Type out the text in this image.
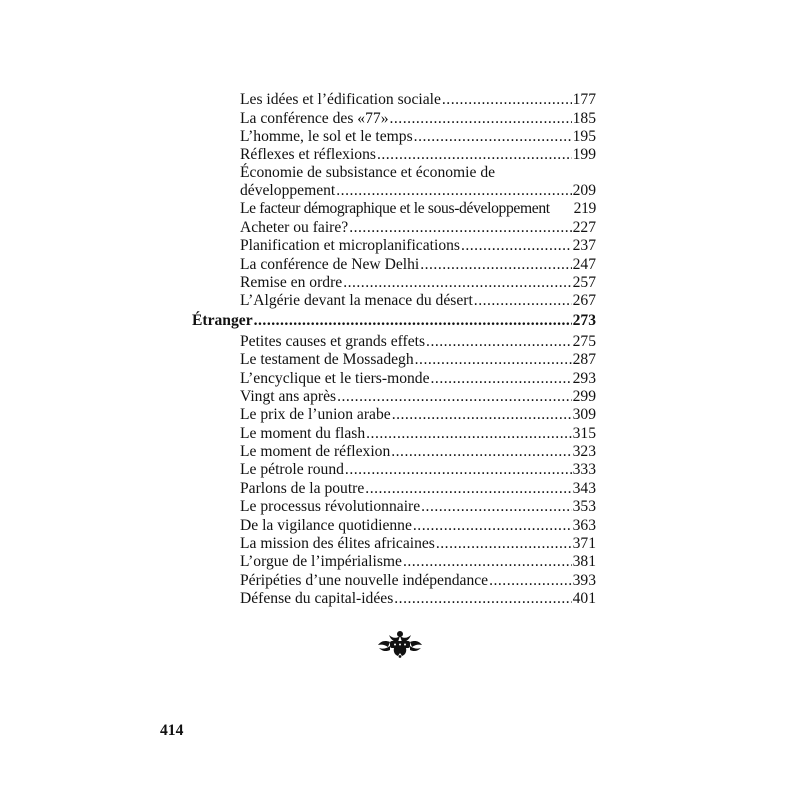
Les idées et l’édification sociale .....	177
La conférence des «77» .....	185
L’homme, le sol et le temps .....	195
Réflexes et réflexions .....	199
Économie de subsistance et économie de
développement .....	209
Le facteur démographique et le sous-développement 219
Acheter ou faire? .....	227
Planification et microplanifications .....	237
La conférence de New Delhi .....	247
Remise en ordre .....	257
L’Algérie devant la menace du désert .....	267
Étranger .....	273
Petites causes et grands effets .....	275
Le testament de Mossadegh .....	287
L’encyclique et le tiers-monde .....	293
Vingt ans après .....	299
Le prix de l’union arabe .....	309
Le moment du flash .....	315
Le moment de réflexion .....	323
Le pétrole round .....	333
Parlons de la poutre .....	343
Le processus révolutionnaire .....	353
De la vigilance quotidienne .....	363
La mission des élites africaines .....	371
L’orgue de l’impérialisme .....	381
Péripéties d’une nouvelle indépendance .....	393
Défense du capital-idées .....	401
414
